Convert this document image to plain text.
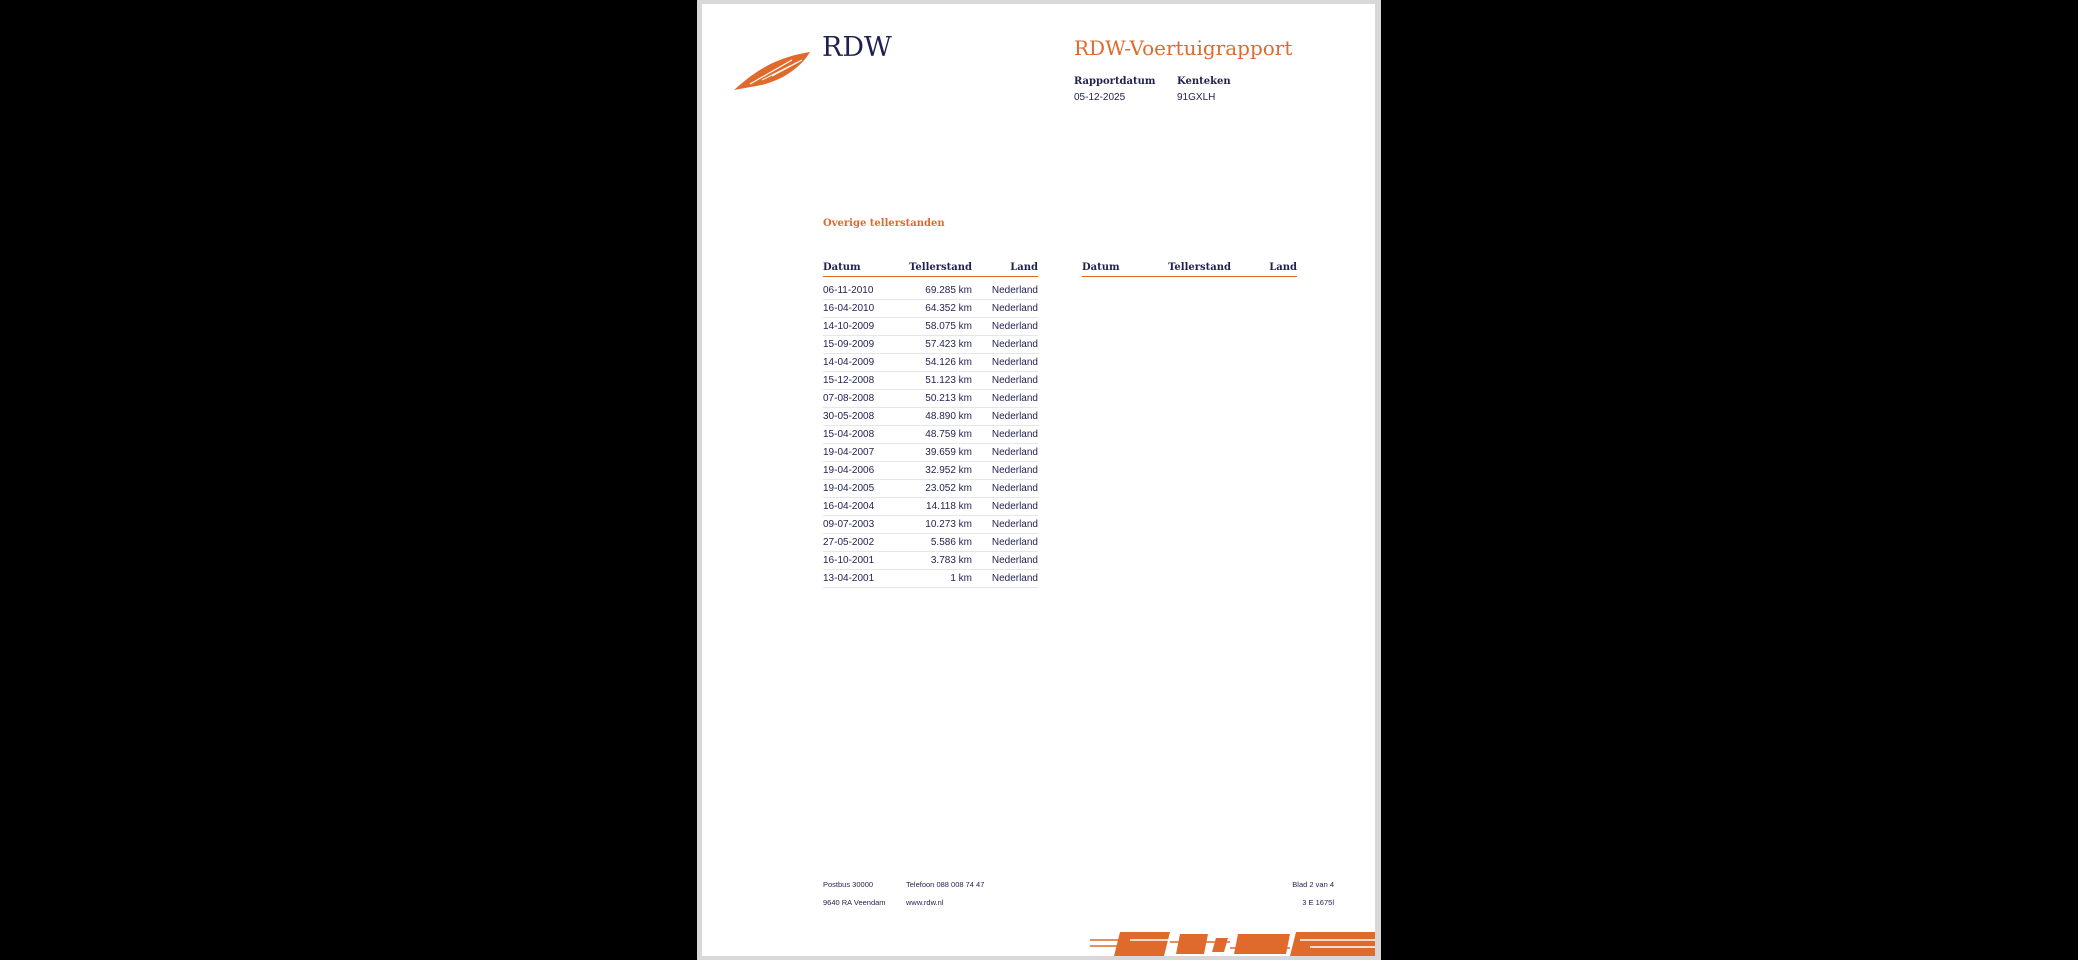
RDW	RDW-Voertuigrapport
Rapportdatum
05-12-2025
Kenteken
91GXLH
Overige tellerstanden
Datum	Tellerstand	Land
06-11-2010	69.285 km	Nederland
16-04-2010	64.352 km	Nederland
14-10-2009	58.075 km	Nederland
15-09-2009	57.423 km	Nederland
14-04-2009	54.126 km	Nederland
15-12-2008	51.123 km	Nederland
07-08-2008	50.213 km	Nederland
30-05-2008	48.890 km	Nederland
15-04-2008	48.759 km	Nederland
19-04-2007	39.659 km	Nederland
19-04-2006	32.952 km	Nederland
19-04-2005	23.052 km	Nederland
16-04-2004	14.118 km	Nederland
09-07-2003	10.273 km	Nederland
27-05-2002	5.586 km	Nederland
16-10-2001	3.783 km	Nederland
13-04-2001	1 km	Nederland
Datum	Tellerstand	Land
Postbus 30000
9640 RA Veendam
Telefoon 088 008 74 47
www.rdw.nl
Blad 2 van 4
3 E 1675l
